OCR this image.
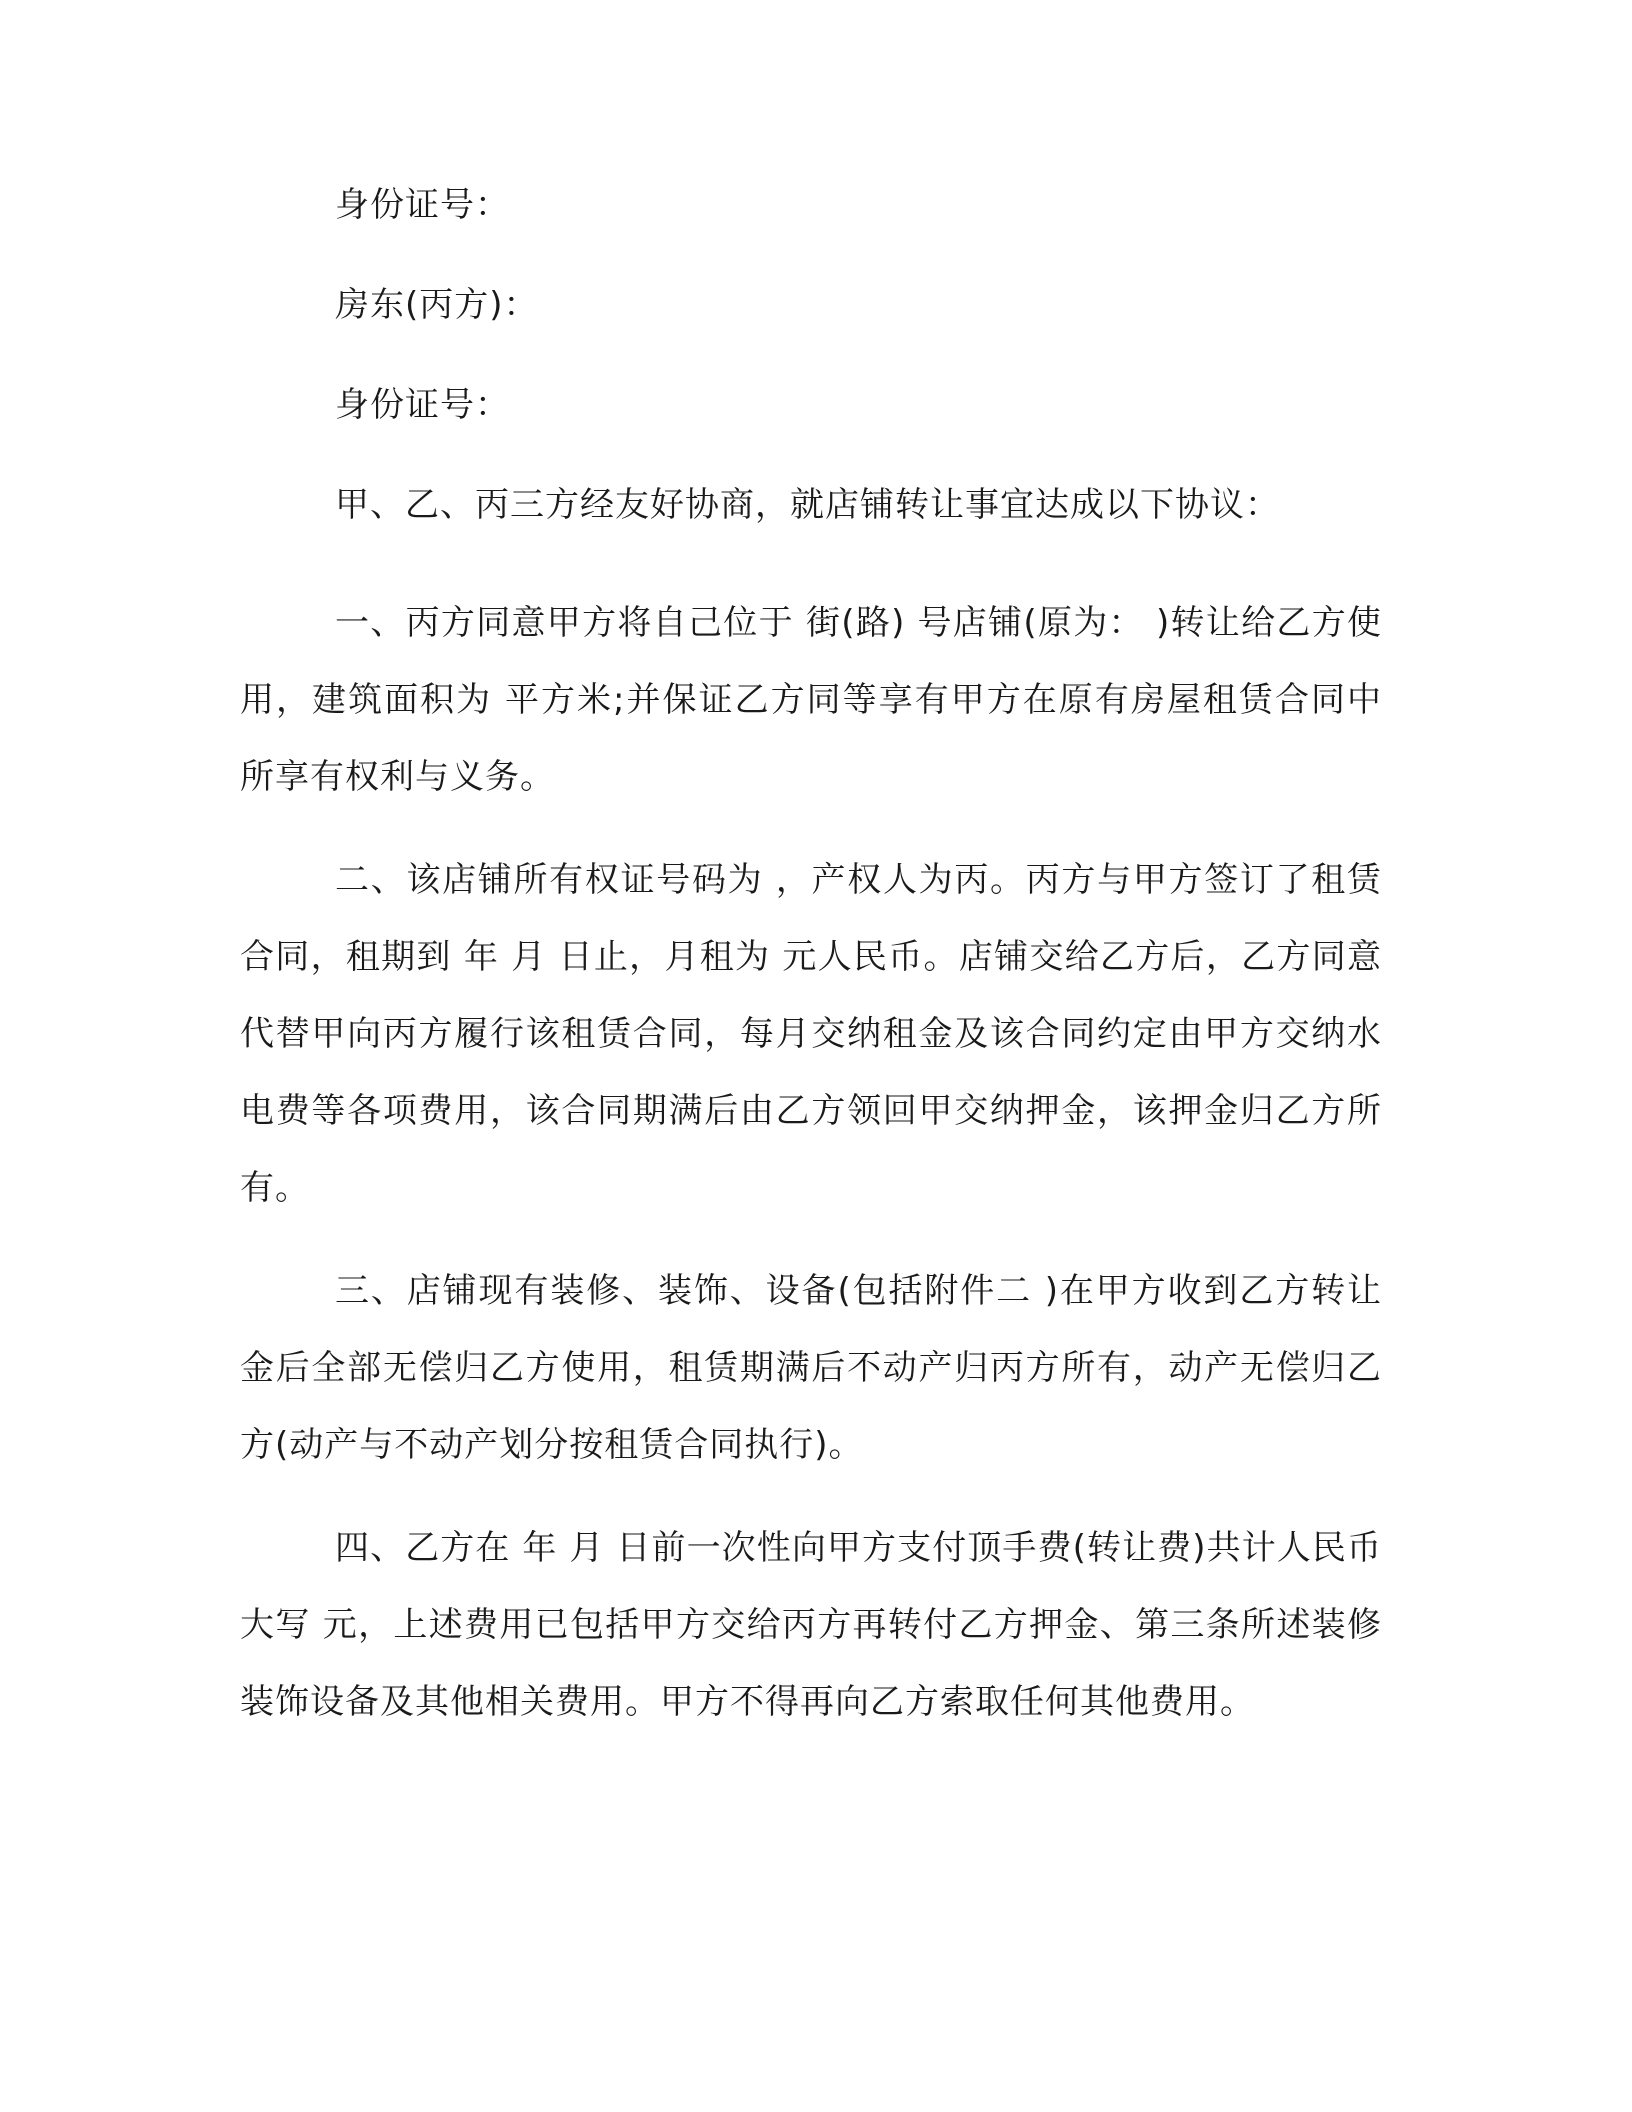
身份证号：

房东(丙方)：

身份证号：

甲、乙、丙三方经友好协商，就店铺转让事宜达成以下协议：

一、丙方同意甲方将自己位于 街(路) 号店铺(原为： )转让给乙方使用，建筑面积为 平方米;并保证乙方同等享有甲方在原有房屋租赁合同中所享有权利与义务。

二、该店铺所有权证号码为 ，产权人为丙。丙方与甲方签订了租赁合同，租期到 年 月 日止，月租为 元人民币。店铺交给乙方后，乙方同意代替甲向丙方履行该租赁合同，每月交纳租金及该合同约定由甲方交纳水电费等各项费用，该合同期满后由乙方领回甲交纳押金，该押金归乙方所有。

三、店铺现有装修、装饰、设备(包括附件二 )在甲方收到乙方转让金后全部无偿归乙方使用，租赁期满后不动产归丙方所有，动产无偿归乙方(动产与不动产划分按租赁合同执行)。

四、乙方在 年 月 日前一次性向甲方支付顶手费(转让费)共计人民币大写 元，上述费用已包括甲方交给丙方再转付乙方押金、第三条所述装修装饰设备及其他相关费用。甲方不得再向乙方索取任何其他费用。
